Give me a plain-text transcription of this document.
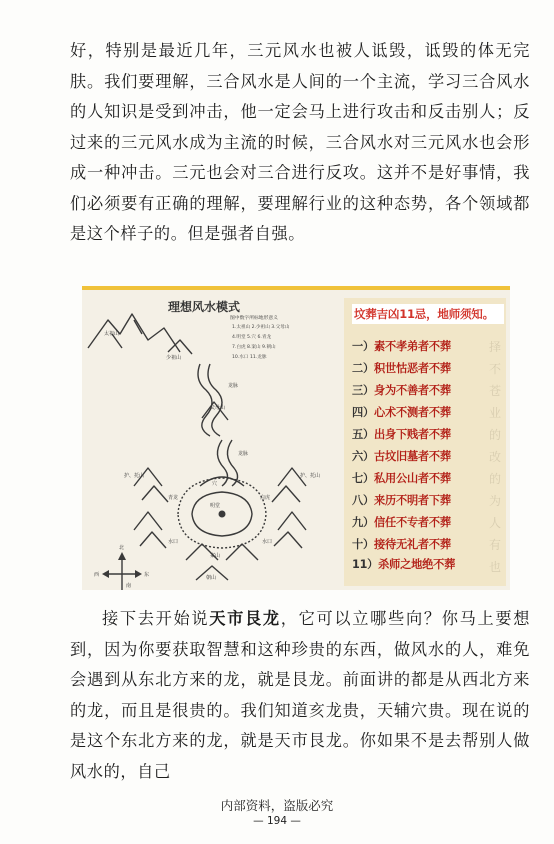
好，特别是最近几年，三元风水也被人诋毁，诋毁的体无完肤。我们要理解，三合风水是人间的一个主流，学习三合风水的人知识是受到冲击，他一定会马上进行攻击和反击别人；反过来的三元风水成为主流的时候，三合风水对三元风水也会形成一种冲击。三元也会对三合进行反攻。这并不是好事情，我们必须要有正确的理解，要理解行业的这种态势，各个领域都是这个样子的。但是强者自强。

理想风水模式
图中数字所标地形意义
1.太祖山 2.少祖山 3.父母山
4.明堂 5.穴 6.青龙
7.白虎 8.案山 9.朝山
10.水口 11.龙脉
太祖山
少祖山
龙脉
父母山
龙脉
穴
明堂
护、托山	护、托山
青龙	白虎
水口	水口
案山
朝山
北
南
东
西
坟葬吉凶11忌，地师须知。
一）素不孝弟者不葬
二）积世怙恶者不葬
三）身为不善者不葬
四）心术不测者不葬
五）出身下贱者不葬
六）古坟旧墓者不葬
七）私用公山者不葬
八）来历不明者下葬
九）信任不专者不葬
十）接待无礼者不葬
11）杀师之地绝不葬
择
不
苍
业
的
改
的
为
人
有
也

接下去开始说天市艮龙，它可以立哪些向？你马上要想到，因为你要获取智慧和这种珍贵的东西，做风水的人，难免会遇到从东北方来的龙，就是艮龙。前面讲的都是从西北方来的龙，而且是很贵的。我们知道亥龙贵，天辅穴贵。现在说的是这个东北方来的龙，就是天市艮龙。你如果不是去帮别人做风水的，自己

内部资料，盗版必究
— 194 —
